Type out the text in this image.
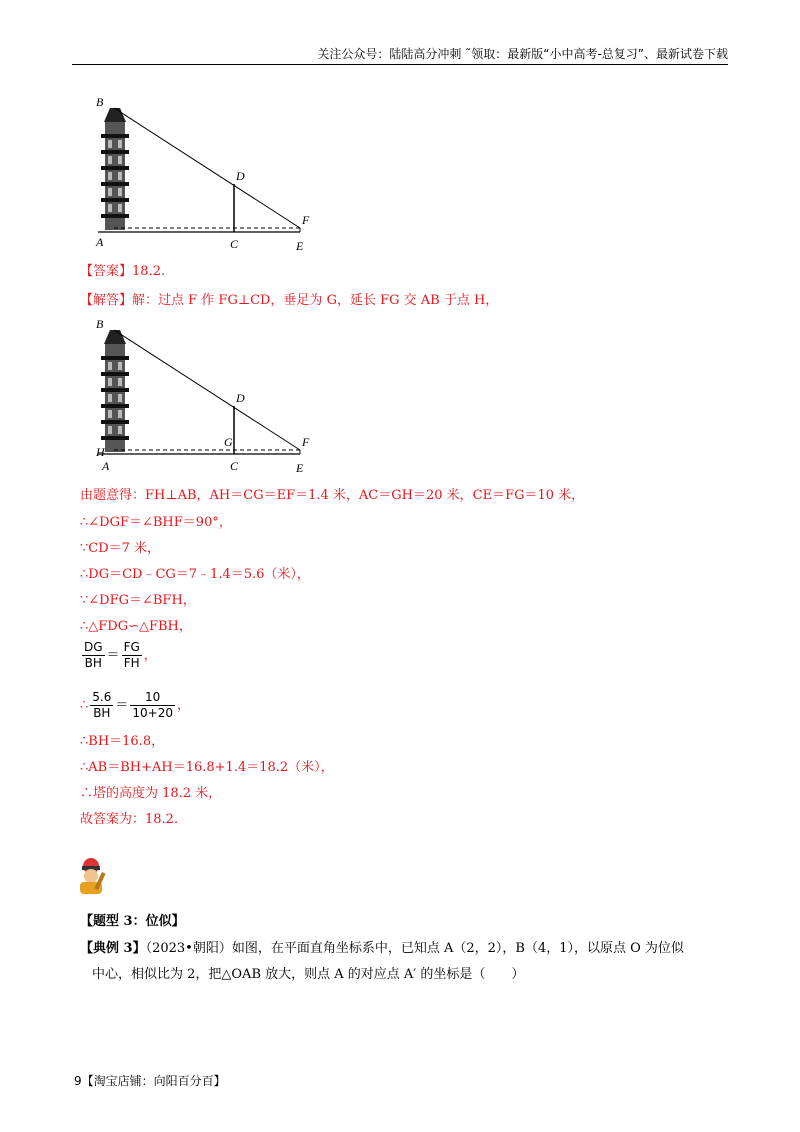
关注公众号：陆陆高分冲刺 ˜领取：最新版“小中高考-总复习”、最新试卷下载
B
D
F
A	C	E
【答案】18.2.
【解答】解：过点 F 作 FG⊥CD，垂足为 G，延长 FG 交 AB 于点 H，
B
D
G	F
H
A	C	E
由题意得：FH⊥AB，AH＝CG＝EF＝1.4 米，AC＝GH＝20 米，CE＝FG＝10 米，
∴∠DGF＝∠BHF＝90°，
∵CD＝7 米，
∴DG＝CD﹣CG＝7﹣1.4＝5.6（米），
∵∠DFG＝∠BFH，
∴△FDG∽△FBH，
$\frac{DG}{BH} = \frac{FG}{FH}$ ，
∴ $\frac{5.6}{BH} = \frac{10}{10+20}$ ，
∴BH＝16.8，
∴AB＝BH+AH＝16.8+1.4＝18.2（米），
∴塔的高度为 18.2 米，
故答案为：18.2.
【题型 3：位似】
【典例 3】（2023•朝阳）如图，在平面直角坐标系中，已知点 A（2，2），B（4，1），以原点 O 为位似
中心，相似比为 2，把△OAB 放大，则点 A 的对应点 A′ 的坐标是（　　）
9【淘宝店铺：向阳百分百】
